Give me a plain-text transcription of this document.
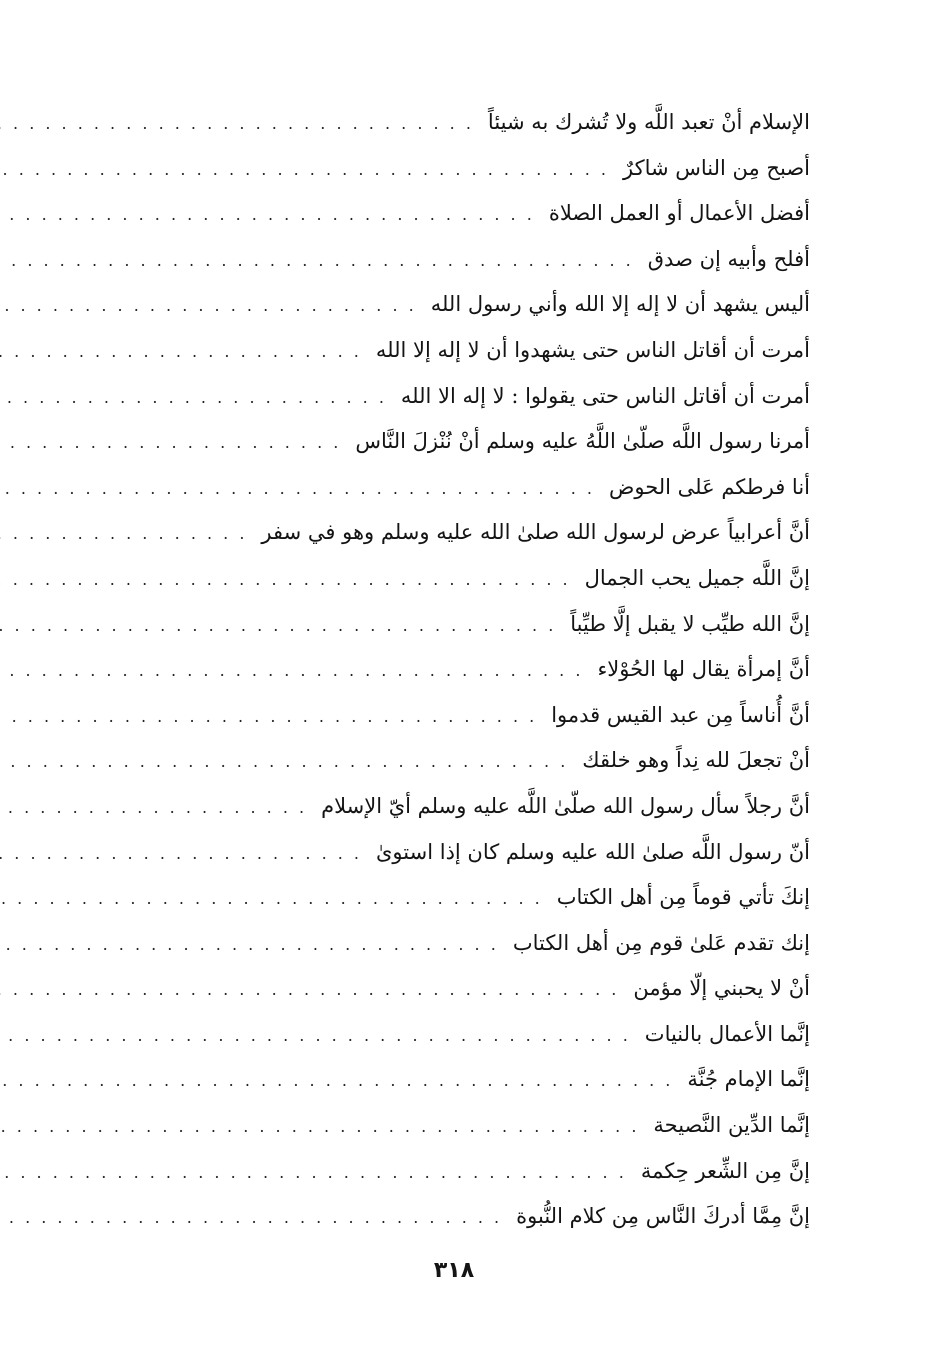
الإسلام أنْ تعبد اللَّه ولا تُشرك به شيئاً
. . .
أصبح مِن الناس شاكرٌ
. . .
أفضل الأعمال أو العمل الصلاة
. . .
أفلح وأبيه إن صدق
. . .
أليس يشهد أن لا إله إلا الله وأني رسول الله
. . .
أمرت أن أقاتل الناس حتى يشهدوا أن لا إله إلا الله
. . .
أمرت أن أقاتل الناس حتى يقولوا : لا إله الا الله
. . .
أمرنا رسول اللَّه صلّىٰ اللَّهُ عليه وسلم أنْ نُنْزلَ النَّاس
. . .
أنا فرطكم عَلى الحوض
. . .
أنَّ أعرابياً عرض لرسول الله صلىٰ الله عليه وسلم وهو في سفر
. . .
إنَّ اللَّه جميل يحب الجمال
. . .
إنَّ الله طيِّب لا يقبل إلَّا طيِّباً
. . .
أنَّ إمرأة يقال لها الحُوْلاء
. . .
أنَّ أُناساً مِن عبد القيس قدموا
. . .
أنْ تجعلَ لله نِداً وهو خلقك
. . .
أنَّ رجلاً سأل رسول الله صلّىٰ اللَّه عليه وسلم أيّ الإسلام
. . .
أنّ رسول اللَّه صلىٰ الله عليه وسلم كان إذا استوىٰ
. . .
إنكَ تأتي قوماً مِن أهل الكتاب
. . .
إنك تقدم عَلىٰ قوم مِن أهل الكتاب
. . .
أنْ لا يحبني إلّا مؤمن
. . .
إنَّما الأعمال بالنيات
. . .
إنَّما الإمام جُنَّة
. . .
إنَّما الدِّين النَّصيحة
. . .
إنَّ مِن الشِّعر حِكمة
. . .
إنَّ مِمَّا أدركَ النَّاس مِن كلام النُّبوة
. . .
٣١٨
